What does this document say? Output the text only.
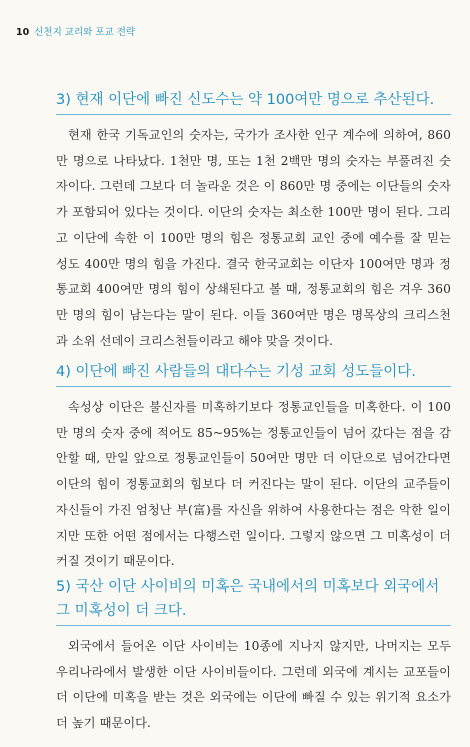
10 신천지 교리와 포교 전략
3) 현재 이단에 빠진 신도수는 약 100여만 명으로 추산된다.
현재 한국 기독교인의 숫자는, 국가가 조사한 인구 계수에 의하여, 860만 명으로 나타났다. 1천만 명, 또는 1천 2백만 명의 숫자는 부풀려진 숫자이다. 그런데 그보다 더 놀라운 것은 이 860만 명 중에는 이단들의 숫자가 포함되어 있다는 것이다. 이단의 숫자는 최소한 100만 명이 된다. 그리고 이단에 속한 이 100만 명의 힘은 정통교회 교인 중에 예수를 잘 믿는 성도 400만 명의 힘을 가진다. 결국 한국교회는 이단자 100여만 명과 정통교회 400여만 명의 힘이 상쇄된다고 볼 때, 정통교회의 힘은 겨우 360만 명의 힘이 남는다는 말이 된다. 이들 360여만 명은 명목상의 크리스천과 소위 선데이 크리스천들이라고 해야 맞을 것이다.
4) 이단에 빠진 사람들의 대다수는 기성 교회 성도들이다.
속성상 이단은 불신자를 미혹하기보다 정통교인들을 미혹한다. 이 100만 명의 숫자 중에 적어도 85~95%는 정통교인들이 넘어 갔다는 점을 감안할 때, 만일 앞으로 정통교인들이 50여만 명만 더 이단으로 넘어간다면 이단의 힘이 정통교회의 힘보다 더 커진다는 말이 된다. 이단의 교주들이 자신들이 가진 엄청난 부(富)를 자신을 위하여 사용한다는 점은 악한 일이지만 또한 어떤 점에서는 다행스런 일이다. 그렇지 않으면 그 미혹성이 더 커질 것이기 때문이다.
5) 국산 이단 사이비의 미혹은 국내에서의 미혹보다 외국에서 그 미혹성이 더 크다.
외국에서 들어온 이단 사이비는 10종에 지나지 않지만, 나머지는 모두 우리나라에서 발생한 이단 사이비들이다. 그런데 외국에 계시는 교포들이 더 이단에 미혹을 받는 것은 외국에는 이단에 빠질 수 있는 위기적 요소가 더 높기 때문이다.
